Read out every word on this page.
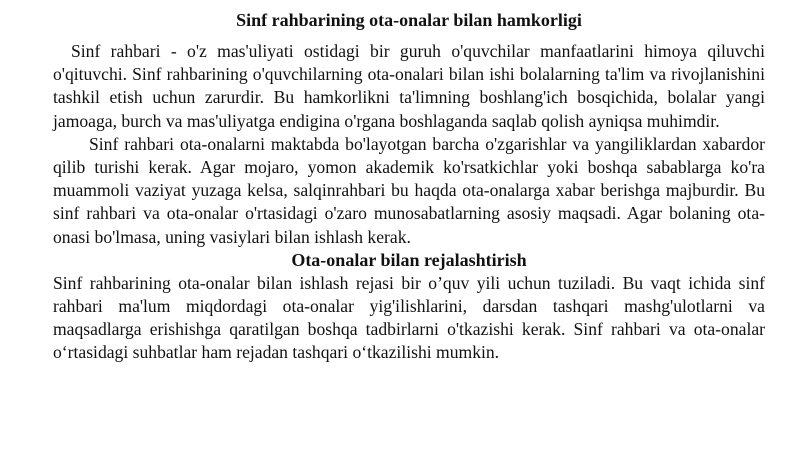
Sinf rahbarining ota-onalar bilan hamkorligi

Sinf rahbari - o'z mas'uliyati ostidagi bir guruh o'quvchilar manfaatlarini himoya qiluvchi o'qituvchi. Sinf rahbarining o'quvchilarning ota-onalari bilan ishi bolalarning ta'lim va rivojlanishini tashkil etish uchun zarurdir. Bu hamkorlikni ta'limning boshlang'ich bosqichida, bolalar yangi jamoaga, burch va mas'uliyatga endigina o'rgana boshlaganda saqlab qolish ayniqsa muhimdir.

Sinf rahbari ota-onalarni maktabda bo'layotgan barcha o'zgarishlar va yangiliklardan xabardor qilib turishi kerak. Agar mojaro, yomon akademik ko'rsatkichlar yoki boshqa sabablarga ko'ra muammoli vaziyat yuzaga kelsa, salqinrahbari bu haqda ota-onalarga xabar berishga majburdir. Bu sinf rahbari va ota-onalar o'rtasidagi o'zaro munosabatlarning asosiy maqsadi. Agar bolaning ota-onasi bo'lmasa, uning vasiylari bilan ishlash kerak.

Ota-onalar bilan rejalashtirish

Sinf rahbarining ota-onalar bilan ishlash rejasi bir o’quv yili uchun tuziladi. Bu vaqt ichida sinf rahbari ma'lum miqdordagi ota-onalar yig'ilishlarini, darsdan tashqari mashg'ulotlarni va maqsadlarga erishishga qaratilgan boshqa tadbirlarni o'tkazishi kerak. Sinf rahbari va ota-onalar o‘rtasidagi suhbatlar ham rejadan tashqari o‘tkazilishi mumkin.
